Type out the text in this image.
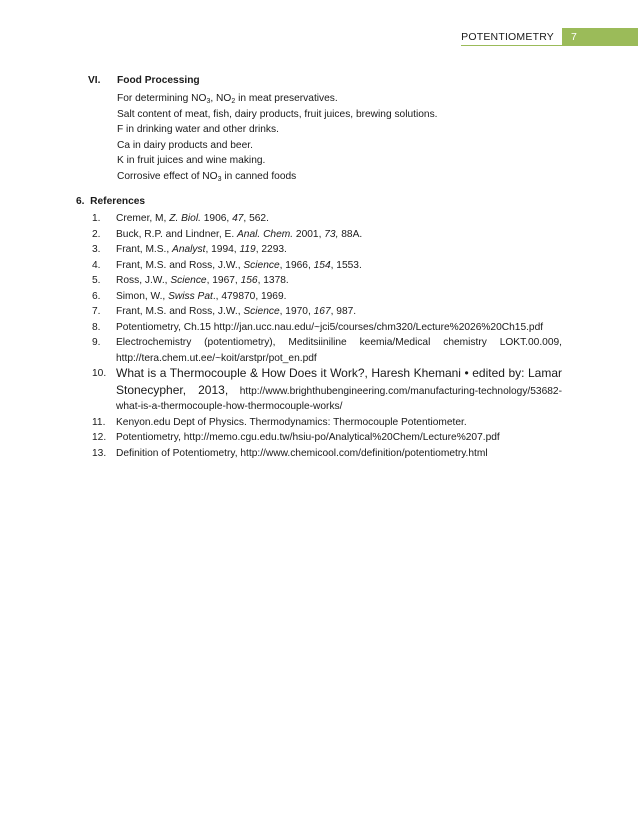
POTENTIOMETRY	7
VI. Food Processing
For determining $NO_3$, $NO_2$ in meat preservatives.
Salt content of meat, fish, dairy products, fruit juices, brewing solutions.
F in drinking water and other drinks.
Ca in dairy products and beer.
K in fruit juices and wine making.
Corrosive effect of $NO_3$ in canned foods
6.  References
1. Cremer, M, Z. Biol. 1906, 47, 562.
2. Buck, R.P. and Lindner, E. Anal. Chem. 2001, 73, 88A.
3. Frant, M.S., Analyst, 1994, 119, 2293.
4. Frant, M.S. and Ross, J.W., Science, 1966, 154, 1553.
5. Ross, J.W., Science, 1967, 156, 1378.
6. Simon, W., Swiss Pat., 479870, 1969.
7. Frant, M.S. and Ross, J.W., Science, 1970, 167, 987.
8. Potentiometry, Ch.15 http://jan.ucc.nau.edu/~jci5/courses/chm320/Lecture%2026%20Ch15.pdf
9. Electrochemistry (potentiometry), Meditsiiniline keemia/Medical chemistry LOKT.00.009,
http://tera.chem.ut.ee/~koit/arstpr/pot_en.pdf
10. What is a Thermocouple & How Does it Work?, Haresh Khemani • edited by: Lamar Stonecypher, 2013, http://www.brighthubengineering.com/manufacturing-technology/53682-what-is-a-thermocouple-how-thermocouple-works/
11. Kenyon.edu Dept of Physics. Thermodynamics: Thermocouple Potentiometer.
12. Potentiometry, http://memo.cgu.edu.tw/hsiu-po/Analytical%20Chem/Lecture%207.pdf
13. Definition of Potentiometry, http://www.chemicool.com/definition/potentiometry.html
